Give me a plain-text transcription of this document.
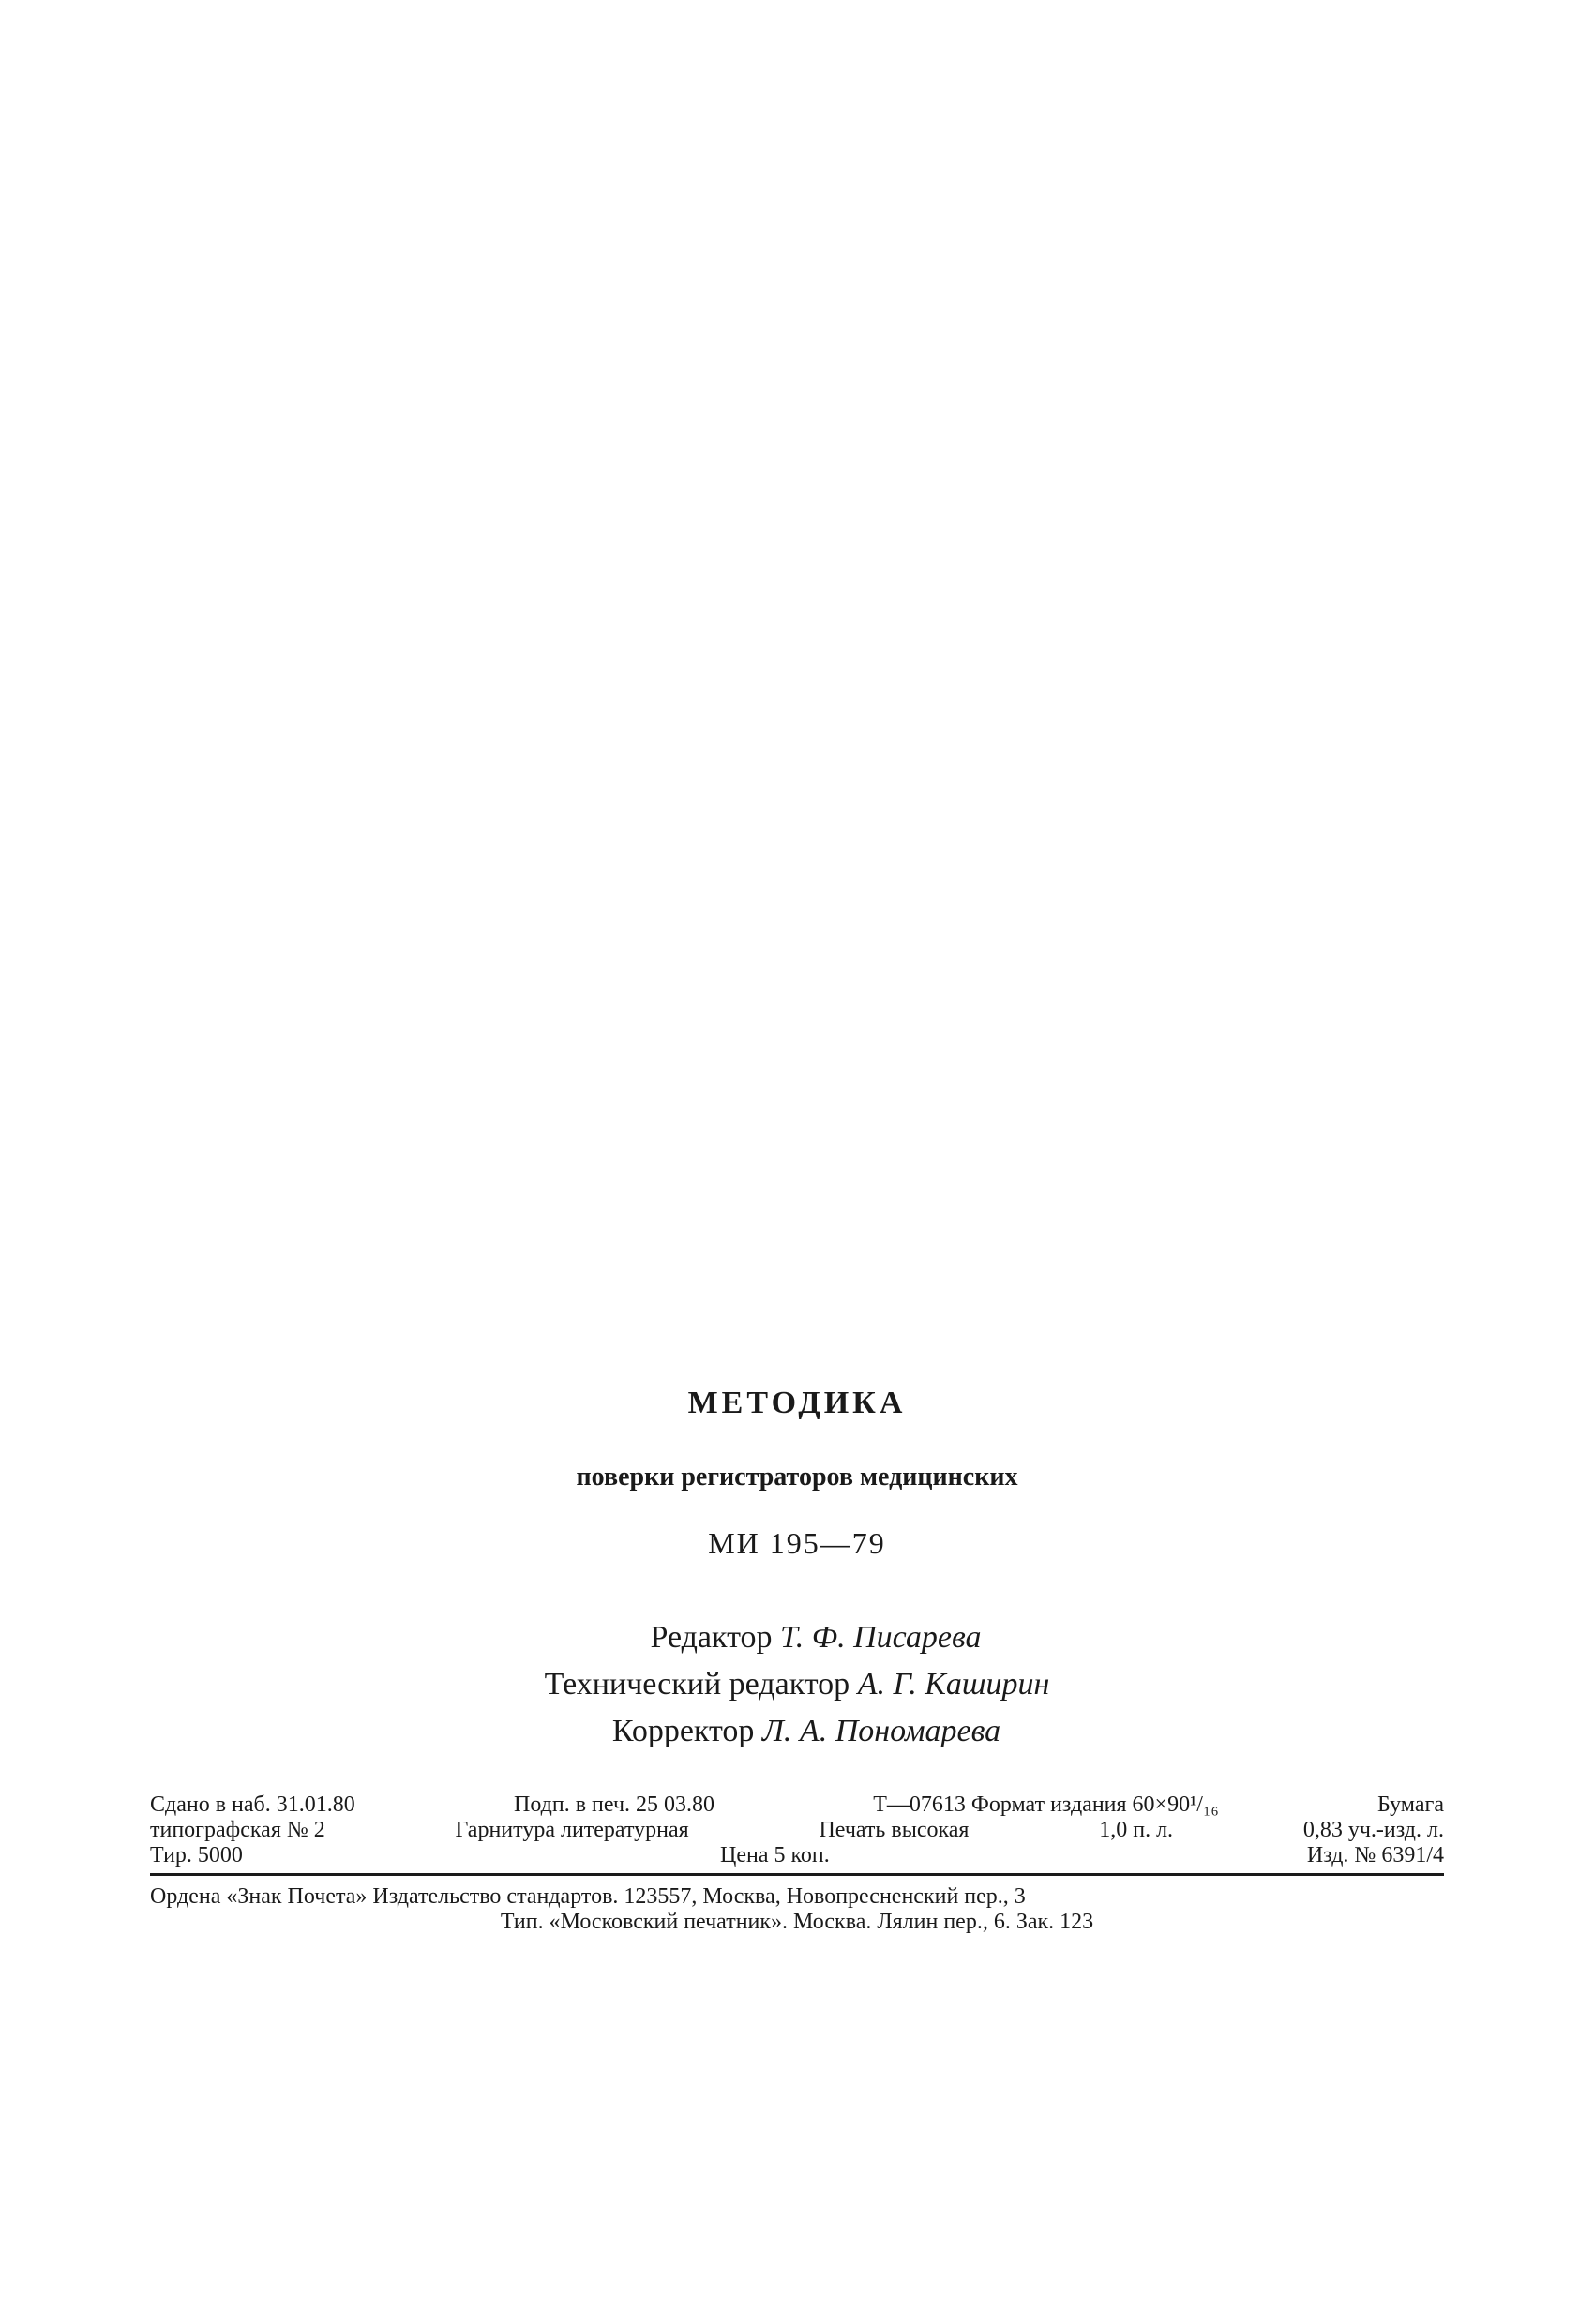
МЕТОДИКА
поверки регистраторов медицинских
МИ 195—79
Редактор Т. Ф. Писарева
Технический редактор А. Г. Каширин
Корректор Л. А. Пономарева
Сдано в наб. 31.01.80	Подп. в печ. 25 03.80	Т—07613 Формат издания 60×90¹/₁₆	Бумага
типографская № 2	Гарнитура литературная	Печать высокая	1,0 п. л.	0,83 уч.-изд. л.
Тир. 5000	Цена 5 коп.	Изд. № 6391/4
Ордена «Знак Почета» Издательство стандартов. 123557, Москва, Новопресненский пер., 3
Тип. «Московский печатник». Москва. Лялин пер., 6. Зак. 123
